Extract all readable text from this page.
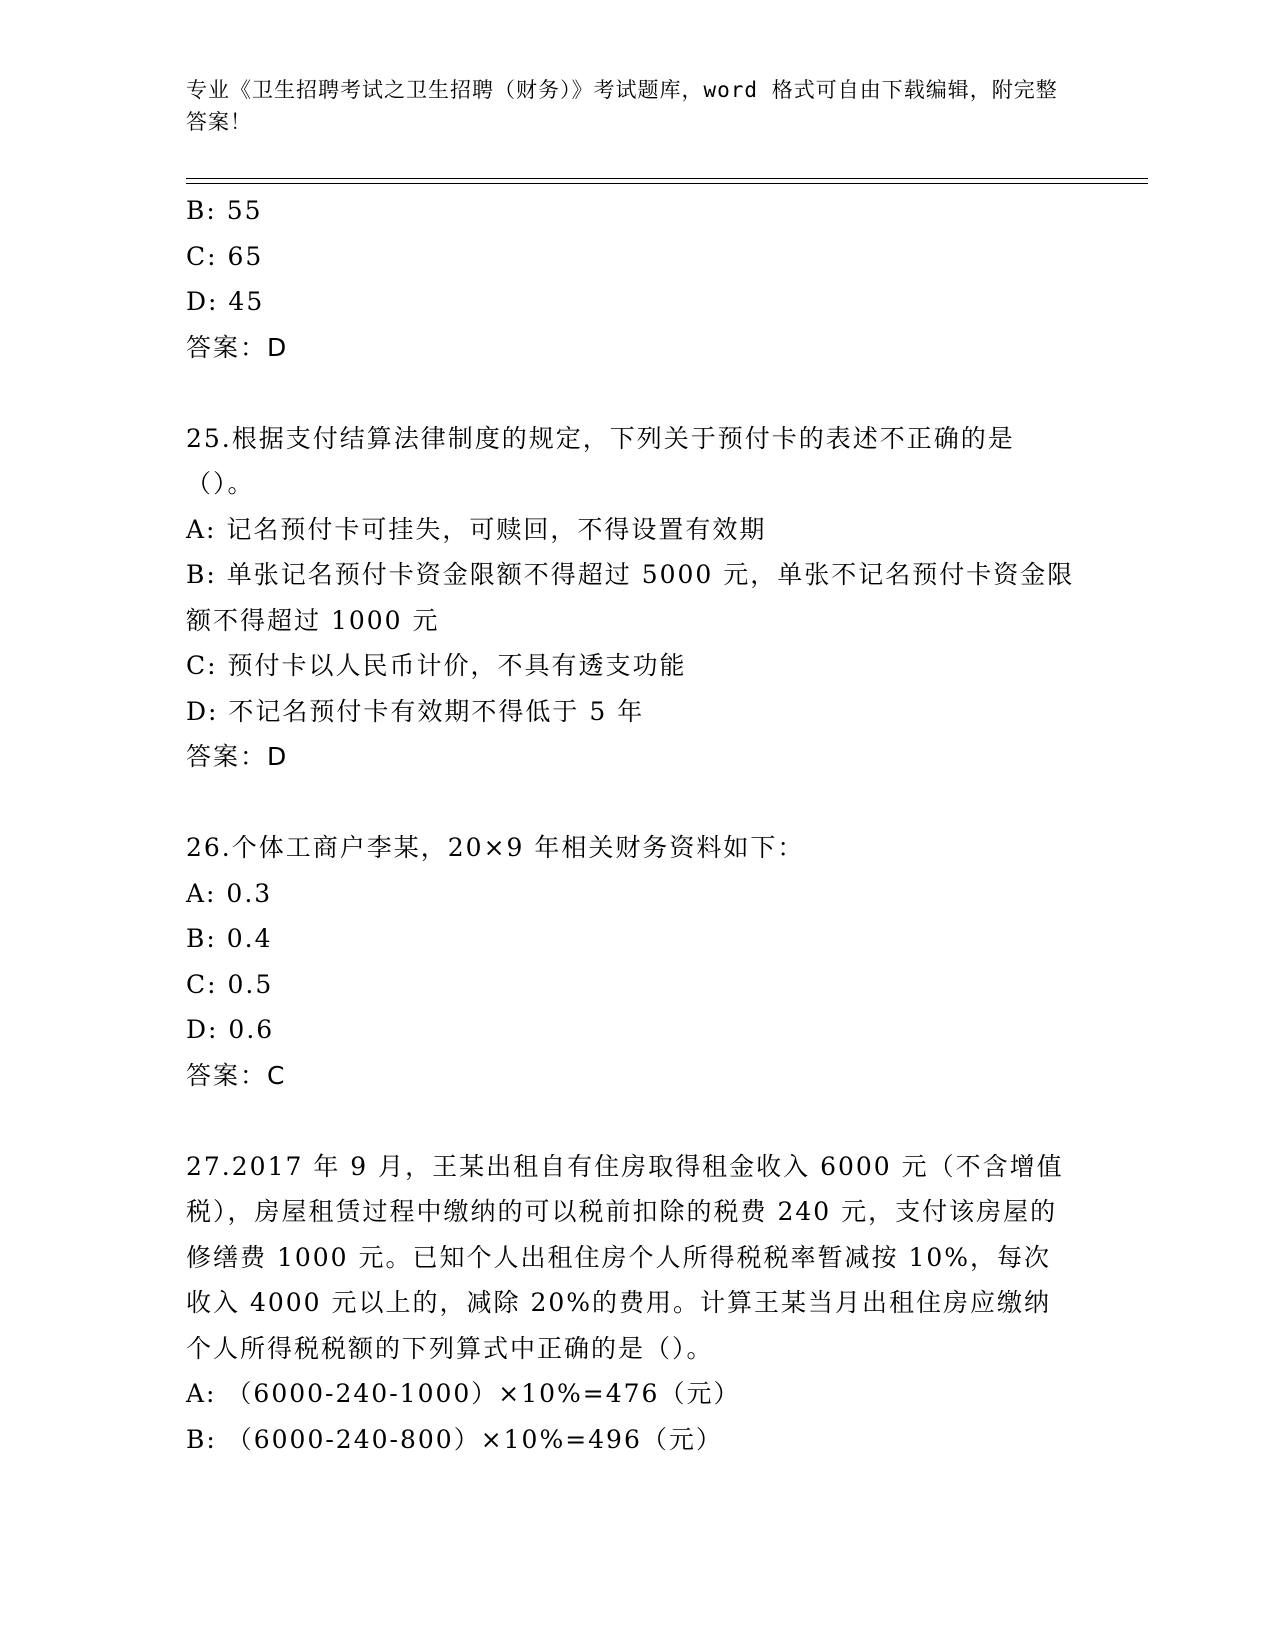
专业《卫生招聘考试之卫生招聘（财务）》考试题库，word 格式可自由下载编辑，附完整答案！
B: 55
C: 65
D: 45
答案：D
25.根据支付结算法律制度的规定，下列关于预付卡的表述不正确的是（）。
A: 记名预付卡可挂失，可赎回，不得设置有效期
B: 单张记名预付卡资金限额不得超过 5000 元，单张不记名预付卡资金限额不得超过 1000 元
C: 预付卡以人民币计价，不具有透支功能
D: 不记名预付卡有效期不得低于 5 年
答案：D
26.个体工商户李某，20×9 年相关财务资料如下：
A: 0.3
B: 0.4
C: 0.5
D: 0.6
答案：C
27.2017 年 9 月，王某出租自有住房取得租金收入 6000 元（不含增值税），房屋租赁过程中缴纳的可以税前扣除的税费 240 元，支付该房屋的修缮费 1000 元。已知个人出租住房个人所得税税率暂减按 10%，每次收入 4000 元以上的，减除 20%的费用。计算王某当月出租住房应缴纳个人所得税税额的下列算式中正确的是（）。
A: （6000-240-1000）×10%=476（元）
B: （6000-240-800）×10%=496（元）
